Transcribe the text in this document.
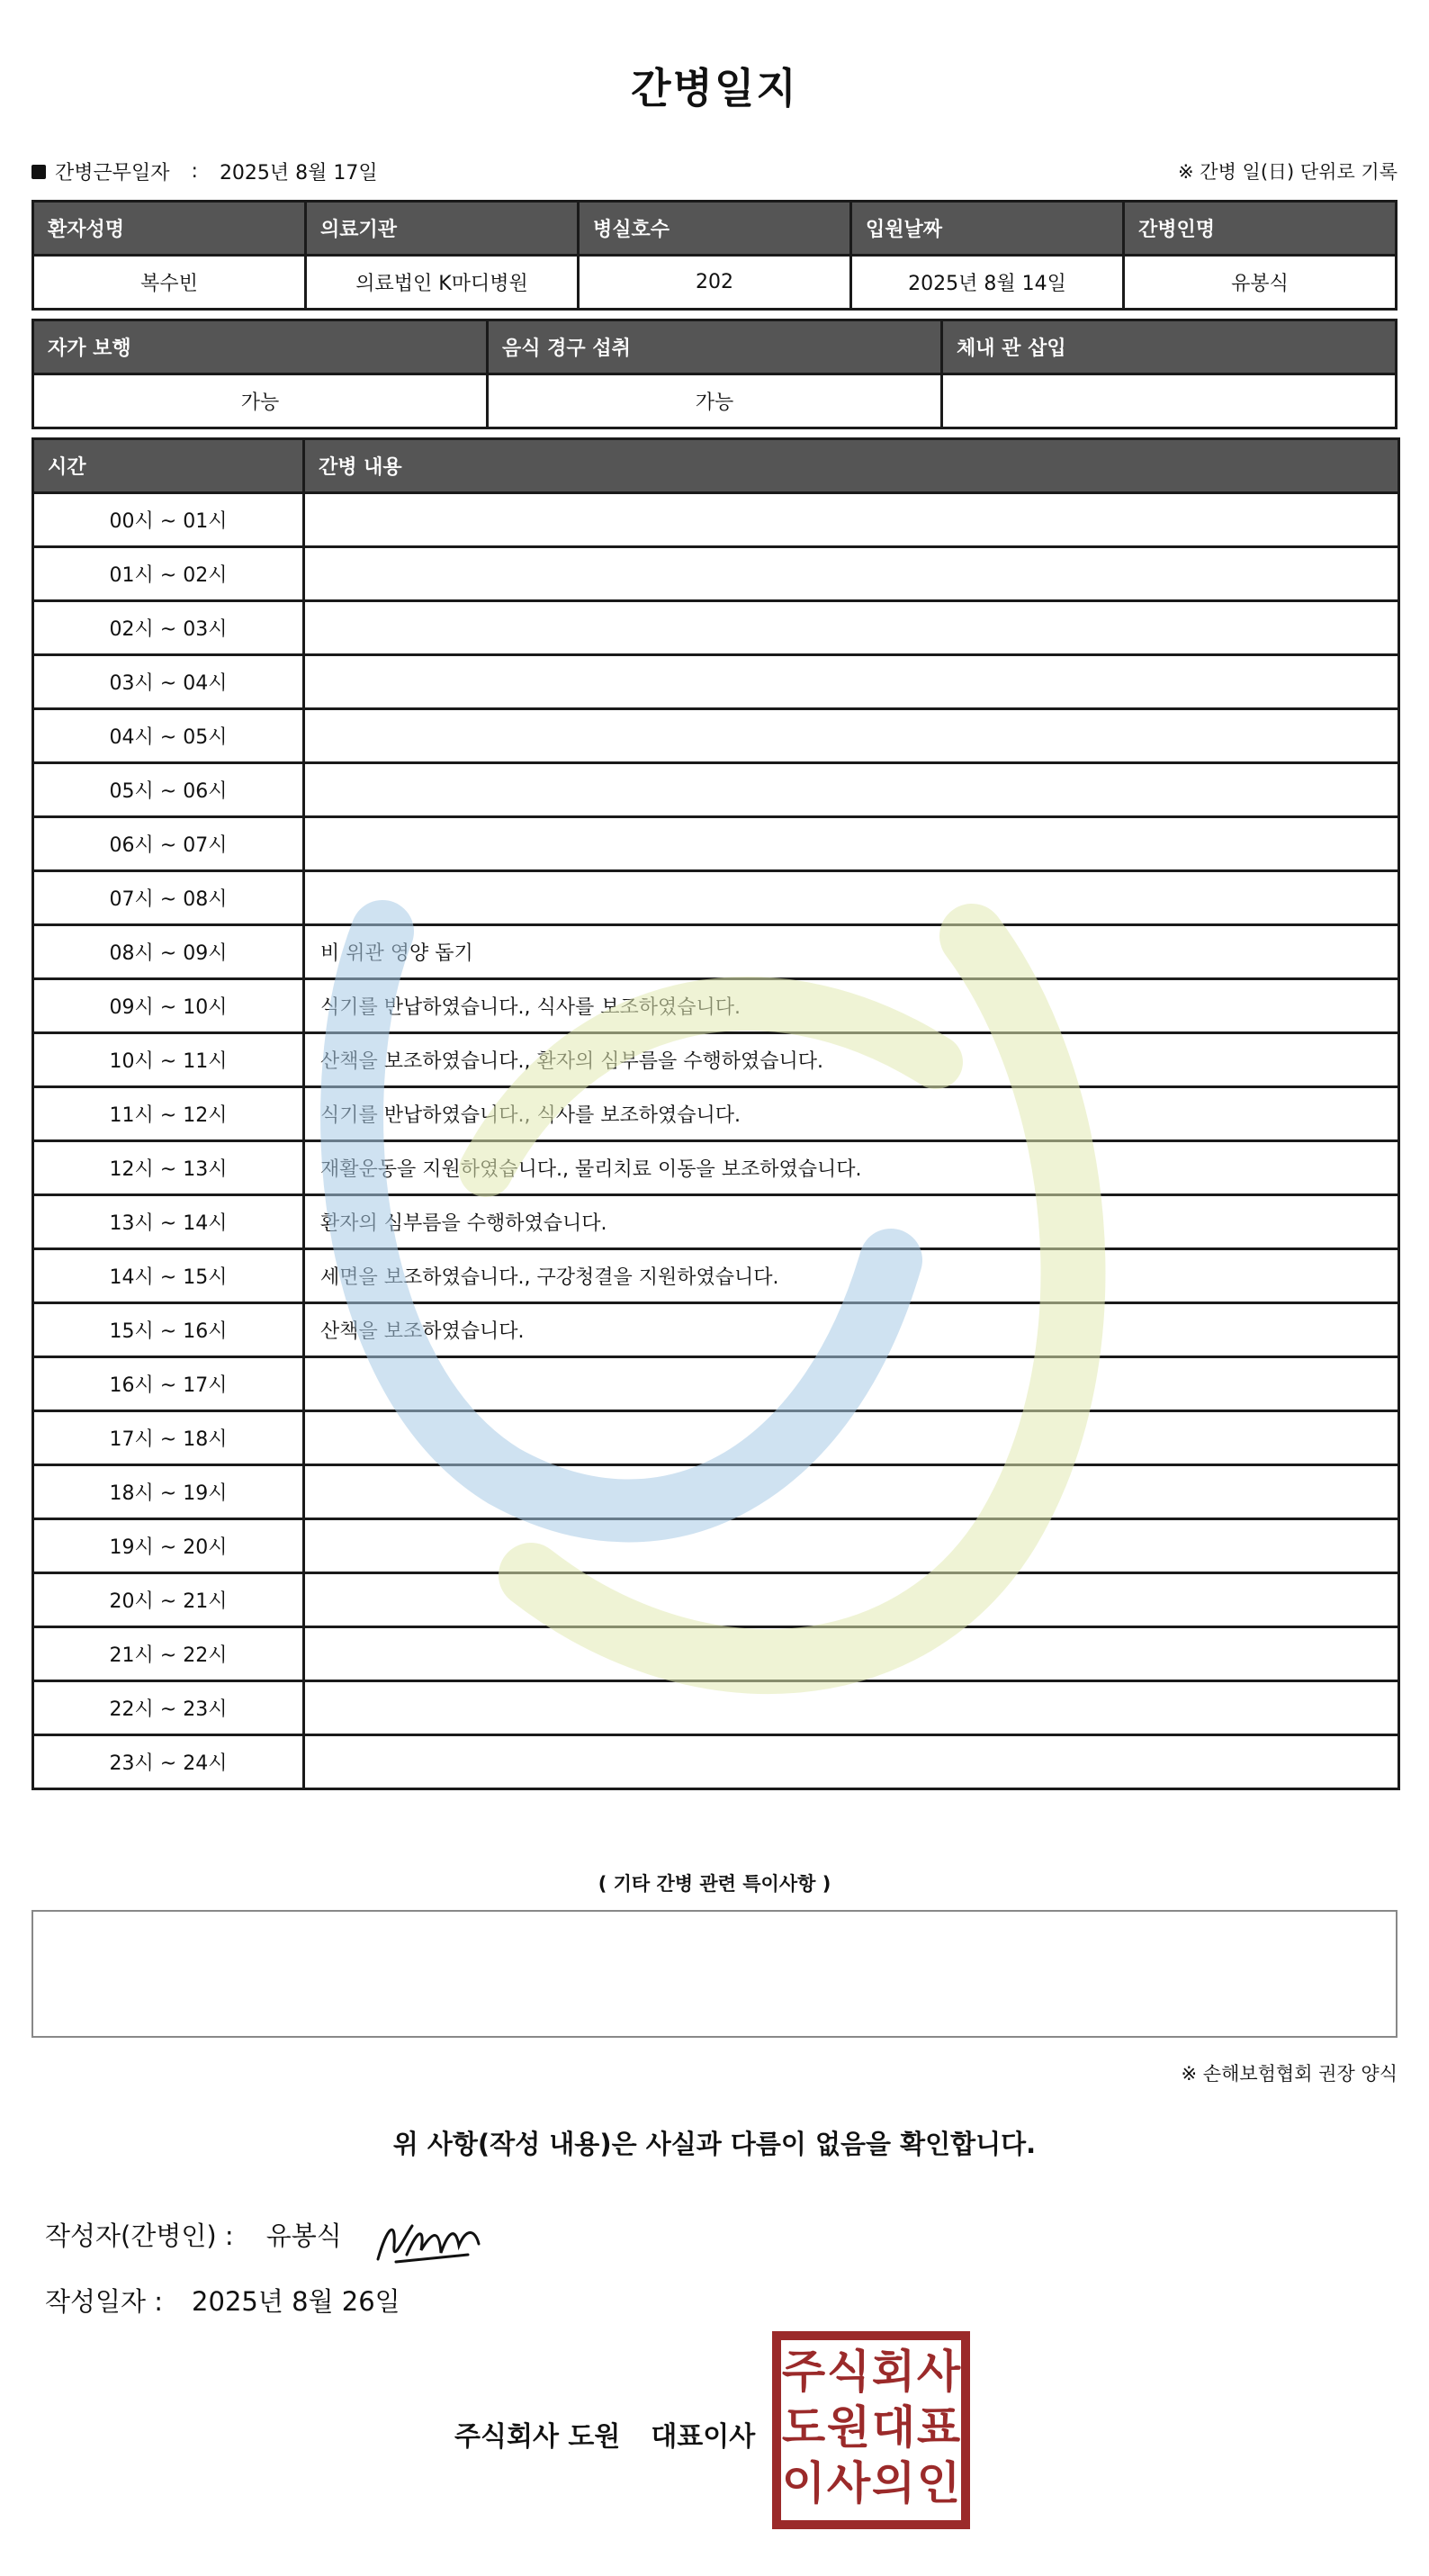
간병일지
간병근무일자 : 2025년 8월 17일	※ 간병 일(日) 단위로 기록
환자성명	의료기관	병실호수	입원날짜	간병인명
복수빈	의료법인 K마디병원	202	2025년 8월 14일	유봉식
자가 보행	음식 경구 섭취	체내 관 삽입
가능	가능	
시간	간병 내용
00시 ~ 01시	
01시 ~ 02시	
02시 ~ 03시	
03시 ~ 04시	
04시 ~ 05시	
05시 ~ 06시	
06시 ~ 07시	
07시 ~ 08시	
08시 ~ 09시	비 위관 영양 돕기
09시 ~ 10시	식기를 반납하였습니다., 식사를 보조하였습니다.
10시 ~ 11시	산책을 보조하였습니다., 환자의 심부름을 수행하였습니다.
11시 ~ 12시	식기를 반납하였습니다., 식사를 보조하였습니다.
12시 ~ 13시	재활운동을 지원하였습니다., 물리치료 이동을 보조하였습니다.
13시 ~ 14시	환자의 심부름을 수행하였습니다.
14시 ~ 15시	세면을 보조하였습니다., 구강청결을 지원하였습니다.
15시 ~ 16시	산책을 보조하였습니다.
16시 ~ 17시	
17시 ~ 18시	
18시 ~ 19시	
19시 ~ 20시	
20시 ~ 21시	
21시 ~ 22시	
22시 ~ 23시	
23시 ~ 24시	
( 기타 간병 관련 특이사항 )
※ 손해보험협회 권장 양식
위 사항(작성 내용)은 사실과 다름이 없음을 확인합니다.
작성자(간병인) : 유봉식
작성일자 : 2025년 8월 26일
주식회사 도원 대표이사
주 식 회 사
도 원 대 표
이 사 의 인
